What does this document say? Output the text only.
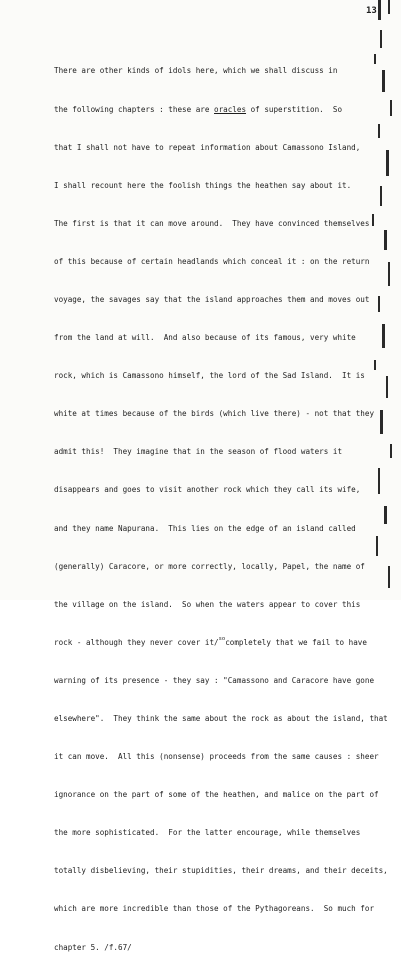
13

There are other kinds of idols here, which we shall discuss in

the following chapters : these are oracles of superstition.  So

that I shall not have to repeat information about Camassono Island,

I shall recount here the foolish things the heathen say about it.

The first is that it can move around.  They have convinced themselves

of this because of certain headlands which conceal it : on the return

voyage, the savages say that the island approaches them and moves out

from the land at will.  And also because of its famous, very white

rock, which is Camassono himself, the lord of the Sad Island.  It is

white at times because of the birds (which live there) - not that they

admit this!  They imagine that in the season of flood waters it

disappears and goes to visit another rock which they call its wife,

and they name Napurana.  This lies on the edge of an island called

(generally) Caracore, or more correctly, locally, Papel, the name of

the village on the island.  So when the waters appear to cover this

rock - although they never cover it/$^{so}$completely that we fail to have

warning of its presence - they say : "Camassono and Caracore have gone

elsewhere".  They think the same about the rock as about the island, that

it can move.  All this (nonsense) proceeds from the same causes : sheer

ignorance on the part of some of the heathen, and malice on the part of

the more sophisticated.  For the latter encourage, while themselves

totally disbelieving, their stupidities, their dreams, and their deceits,

which are more incredible than those of the Pythagoreans.  So much for

chapter 5. /f.67/
